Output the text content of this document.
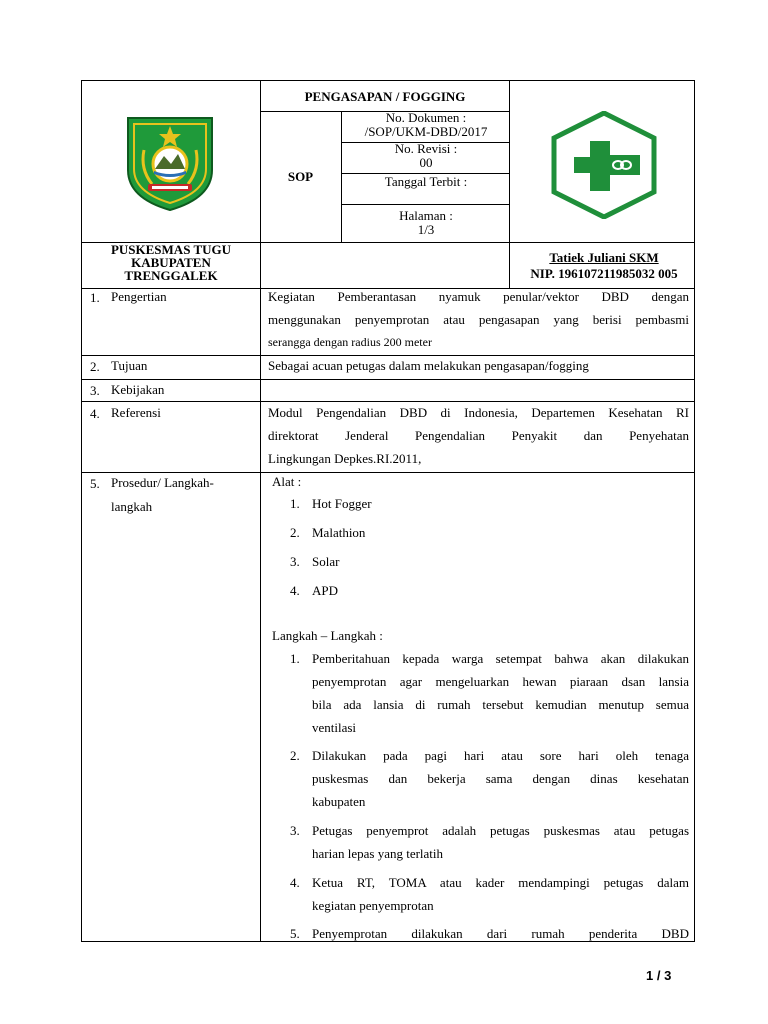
PENGASAPAN / FOGGING
SOP
No. Dokumen :
/SOP/UKM-DBD/2017
No. Revisi :
00
Tanggal Terbit :
Halaman :
1/3
PUSKESMAS TUGU
KABUPATEN
TRENGGALEK
Tatiek Juliani SKM
NIP. 196107211985032 005
1. Pengertian	Kegiatan Pemberantasan nyamuk penular/vektor DBD dengan
menggunakan penyemprotan atau pengasapan yang berisi pembasmi
serangga dengan radius 200 meter
2. Tujuan	Sebagai acuan petugas dalam melakukan pengasapan/fogging
3. Kebijakan
4. Referensi	Modul Pengendalian DBD di Indonesia, Departemen Kesehatan RI
direktorat Jenderal Pengendalian Penyakit dan Penyehatan
Lingkungan Depkes.RI.2011,
5. Prosedur/ Langkah-
langkah
Alat :
1. Hot Fogger
2. Malathion
3. Solar
4. APD
Langkah – Langkah :
1. Pemberitahuan kepada warga setempat bahwa akan dilakukan
penyemprotan agar mengeluarkan hewan piaraan dsan lansia
bila ada lansia di rumah tersebut kemudian menutup semua
ventilasi
2. Dilakukan pada pagi hari atau sore hari oleh tenaga
puskesmas dan bekerja sama dengan dinas kesehatan
kabupaten
3. Petugas penyemprot adalah petugas puskesmas atau petugas
harian lepas yang terlatih
4. Ketua RT, TOMA atau kader mendampingi petugas dalam
kegiatan penyemprotan
5. Penyemprotan dilakukan dari rumah penderita DBD
1 / 3
